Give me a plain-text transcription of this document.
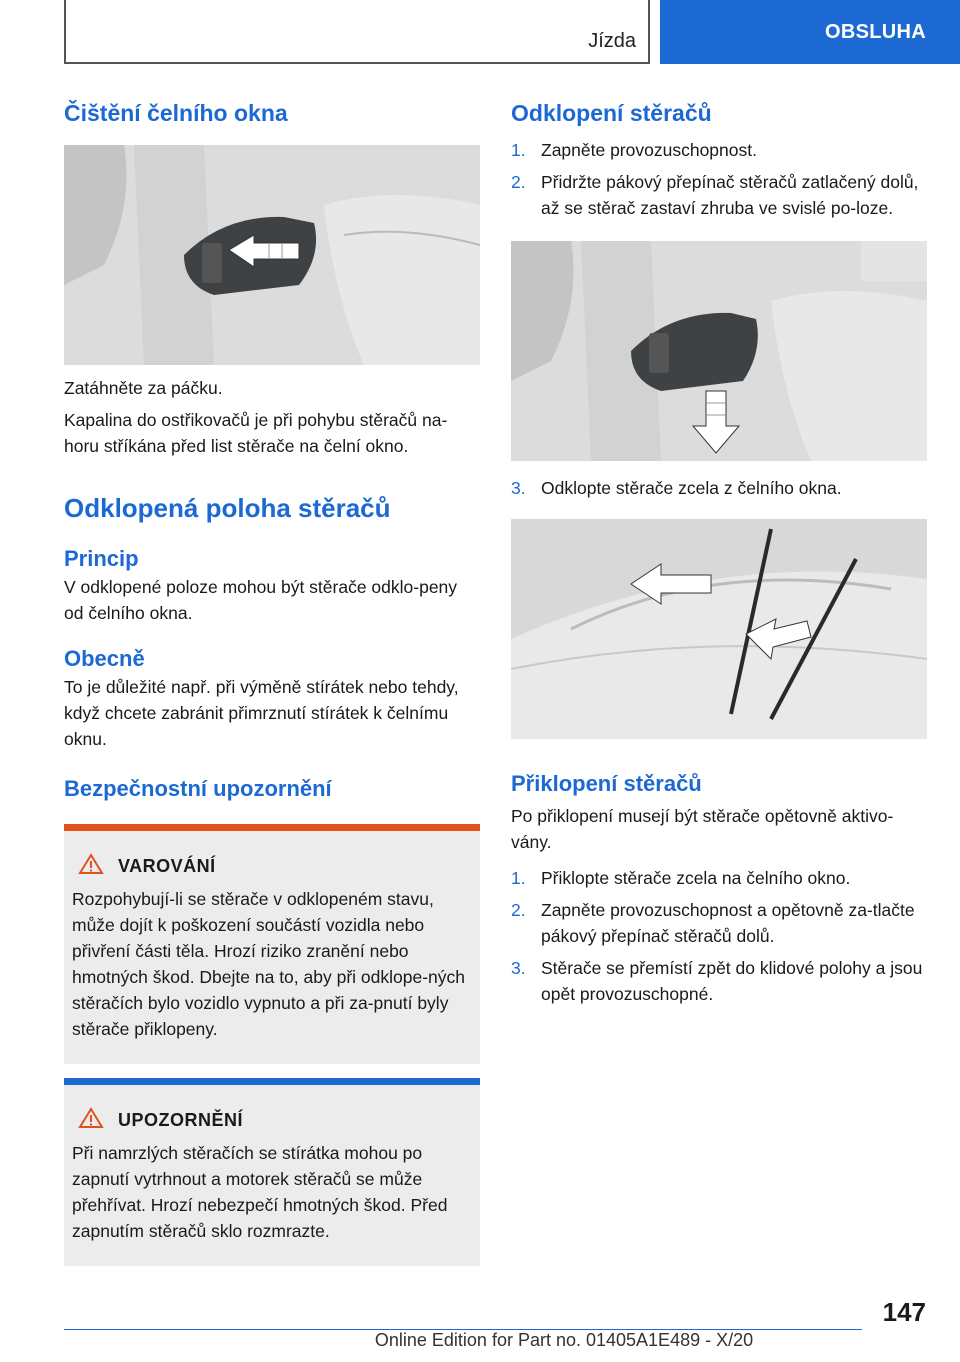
Jízda	OBSLUHA
Čištění čelního okna

Zatáhněte za páčku.

Kapalina do ostřikovačů je při pohybu stěračů na-horu stříkána před list stěrače na čelní okno.

Odklopená poloha stěračů
Princip

V odklopené poloze mohou být stěrače odklo-peny od čelního okna.

Obecně

To je důležité např. při výměně stírátek nebo tehdy, když chcete zabránit přimrznutí stírátek k čelnímu oknu.

Bezpečnostní upozornění
VAROVÁNÍ

Rozpohybují-li se stěrače v odklopeném stavu, může dojít k poškození součástí vozidla nebo přivření části těla. Hrozí riziko zranění nebo hmotných škod. Dbejte na to, aby při odklope-ných stěračích bylo vozidlo vypnuto a při za-pnutí byly stěrače přiklopeny.

UPOZORNĚNÍ

Při namrzlých stěračích se stírátka mohou po zapnutí vytrhnout a motorek stěračů se může přehřívat. Hrozí nebezpečí hmotných škod. Před zapnutím stěračů sklo rozmrazte.

Odklopení stěračů
1. Zapněte provozuschopnost.
2. Přidržte pákový přepínač stěračů zatlačený dolů, až se stěrač zastaví zhruba ve svislé po-loze.
3. Odklopte stěrače zcela z čelního okna.
Přiklopení stěračů

Po přiklopení musejí být stěrače opětovně aktivo-vány.

1. Přiklopte stěrače zcela na čelního okno.
2. Zapněte provozuschopnost a opětovně za-tlačte pákový přepínač stěračů dolů.
3. Stěrače se přemístí zpět do klidové polohy a jsou opět provozuschopné.
147
Online Edition for Part no. 01405A1E489 - X/20
